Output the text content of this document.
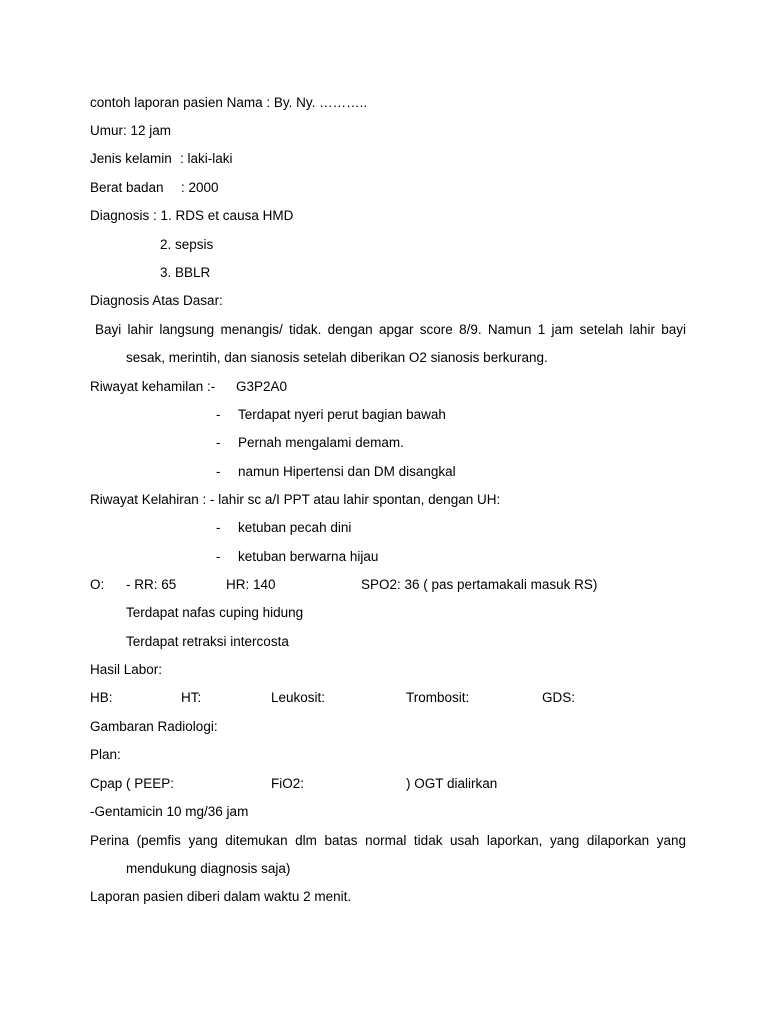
contoh laporan pasien Nama : By. Ny. ………..
Umur: 12 jam
Jenis kelamin : laki-laki
Berat badan : 2000
Diagnosis : 1. RDS et causa HMD
2. sepsis
3. BBLR
Diagnosis Atas Dasar:
Bayi lahir langsung menangis/ tidak. dengan apgar score 8/9. Namun 1 jam setelah lahir bayi
sesak, merintih, dan sianosis setelah diberikan O2 sianosis berkurang.
Riwayat kehamilan :- G3P2A0
- Terdapat nyeri perut bagian bawah
- Pernah mengalami demam.
- namun Hipertensi dan DM disangkal
Riwayat Kelahiran : - lahir sc a/I PPT atau lahir spontan, dengan UH:
- ketuban pecah dini
- ketuban berwarna hijau
O: - RR: 65	HR: 140	SPO2: 36 ( pas pertamakali masuk RS)
Terdapat nafas cuping hidung
Terdapat retraksi intercosta
Hasil Labor:
HB:	HT:	Leukosit:	Trombosit:	GDS:
Gambaran Radiologi:
Plan:
Cpap ( PEEP:	FiO2:	) OGT dialirkan
-Gentamicin 10 mg/36 jam
Perina (pemfis yang ditemukan dlm batas normal tidak usah laporkan, yang dilaporkan yang
mendukung diagnosis saja)
Laporan pasien diberi dalam waktu 2 menit.
